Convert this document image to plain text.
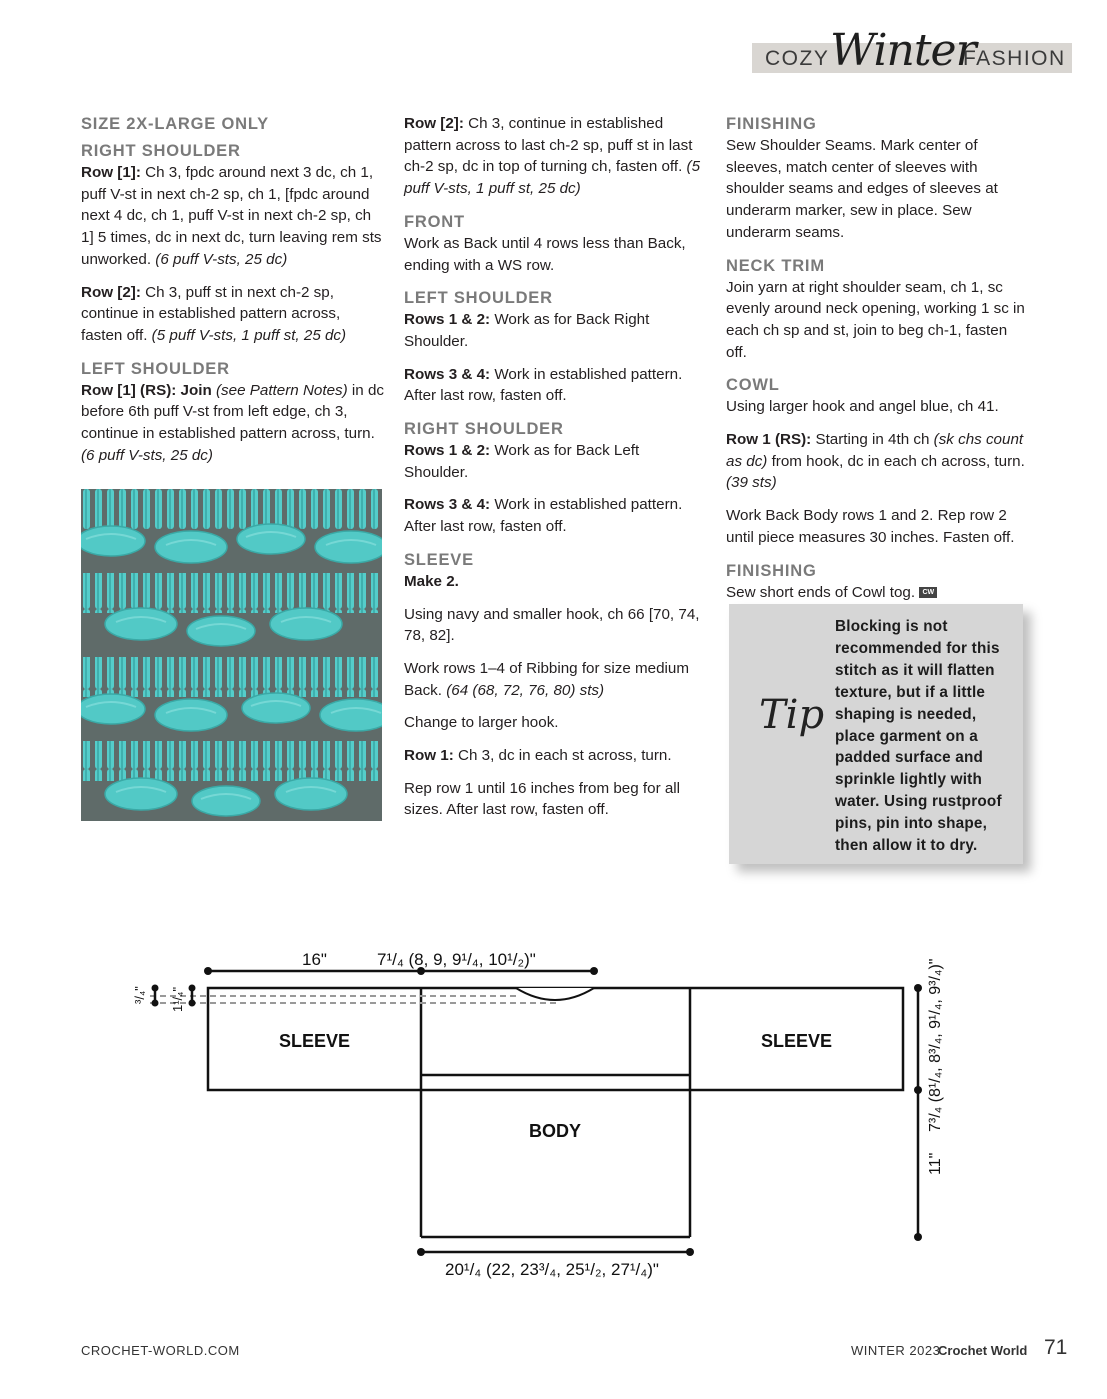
COZY Winter
FASHION
SIZE 2X-LARGE ONLY
RIGHT SHOULDER

Row [1]: Ch 3, fpdc around next 3 dc, ch 1, puff V-st in next ch-2 sp, ch 1, [fpdc around next 4 dc, ch 1, puff V-st in next ch-2 sp, ch 1] 5 times, dc in next dc, turn leaving rem sts unworked. (6 puff V-sts, 25 dc)

Row [2]: Ch 3, puff st in next ch-2 sp, continue in established pattern across, fasten off. (5 puff V-sts, 1 puff st, 25 dc)

LEFT SHOULDER

Row [1] (RS): Join (see Pattern Notes) in dc before 6th puff V-st from left edge, ch 3, continue in established pattern across, turn. (6 puff V-sts, 25 dc)

Row [2]: Ch 3, continue in established pattern across to last ch-2 sp, puff st in last ch-2 sp, dc in top of turning ch, fasten off. (5 puff V-sts, 1 puff st, 25 dc)

FRONT

Work as Back until 4 rows less than Back, ending with a WS row.

LEFT SHOULDER

Rows 1 & 2: Work as for Back Right Shoulder.

Rows 3 & 4: Work in established pattern. After last row, fasten off.

RIGHT SHOULDER

Rows 1 & 2: Work as for Back Left Shoulder.

Rows 3 & 4: Work in established pattern. After last row, fasten off.

SLEEVE

Make 2.

Using navy and smaller hook, ch 66 [70, 74, 78, 82].

Work rows 1–4 of Ribbing for size medium Back. (64 (68, 72, 76, 80) sts)

Change to larger hook.

Row 1: Ch 3, dc in each st across, turn.

Rep row 1 until 16 inches from beg for all sizes. After last row, fasten off.

FINISHING

Sew Shoulder Seams. Mark center of sleeves, match center of sleeves with shoulder seams and edges of sleeves at underarm marker, sew in place. Sew underarm seams.

NECK TRIM

Join yarn at right shoulder seam, ch 1, sc evenly around neck opening, working 1 sc in each ch sp and st, join to beg ch-1, fasten off.

COWL

Using larger hook and angel blue, ch 41.

Row 1 (RS): Starting in 4th ch (sk chs count as dc) from hook, dc in each ch across, turn. (39 sts)

Work Back Body rows 1 and 2. Rep row 2 until piece measures 30 inches. Fasten off.

FINISHING

Sew short ends of Cowl tog. CW

Tip
Blocking is not recommended for this stitch as it will flatten texture, but if a little shaping is needed, place garment on a padded surface and sprinkle lightly with water. Using rustproof pins, pin into shape, then allow it to dry.
SLEEVE	SLEEVE
BODY
16"	7¹/₄ (8, 9, 9¹/₄, 10¹/₂)"
20¹/₄ (22, 23³/₄, 25¹/₂, 27¹/₄)"
7³/₄ (8¹/₄, 8³/₄, 9¹/₄, 9³/₄)"
11"
³/₄" 1¹/₄"
CROCHET-WORLD.COM	WINTER 2023
Crochet World 71
